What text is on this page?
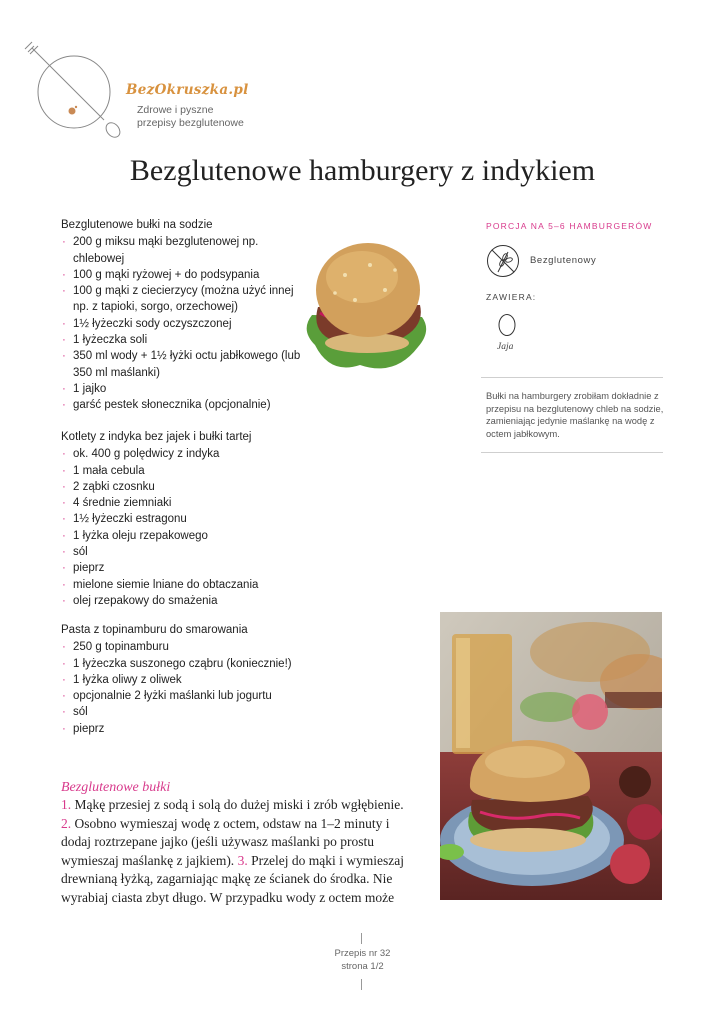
BezOkruszka.pl
Zdrowe i pyszne
przepisy bezglutenowe
Bezglutenowe hamburgery z indykiem
Bezglutenowe bułki na sodzie
· 200 g miksu mąki bezglutenowej np. chlebowej
· 100 g mąki ryżowej + do podsypania
· 100 g mąki z ciecierzycy (można użyć innej np. z tapioki, sorgo, orzechowej)
· 1½ łyżeczki sody oczyszczonej
· 1 łyżeczka soli
· 350 ml wody + 1½ łyżki octu jabłkowego (lub 350 ml maślanki)
· 1 jajko
· garść pestek słonecznika (opcjonalnie)
Kotlety z indyka bez jajek i bułki tartej
· ok. 400 g polędwicy z indyka
· 1 mała cebula
· 2 ząbki czosnku
· 4 średnie ziemniaki
· 1½ łyżeczki estragonu
· 1 łyżka oleju rzepakowego
· sól
· pieprz
· mielone siemie lniane do obtaczania
· olej rzepakowy do smażenia
Pasta z topinamburu do smarowania
· 250 g topinamburu
· 1 łyżeczka suszonego cząbru (koniecznie!)
· 1 łyżka oliwy z oliwek
· opcjonalnie 2 łyżki maślanki lub jogurtu
· sól
· pieprz
PORCJA NA 5–6 HAMBURGERÓW
Bezglutenowy
ZAWIERA:
Jaja
Bułki na hamburgery zrobiłam dokładnie z przepisu na bezglutenowy chleb na sodzie, zamieniając jedynie maślankę na wodę z octem jabłkowym.
Bezglutenowe bułki
1. Mąkę przesiej z sodą i solą do dużej miski i zrób wgłębienie. 2. Osobno wymieszaj wodę z octem, odstaw na 1–2 minuty i dodaj roztrzepane jajko (jeśli używasz maślanki po prostu wymieszaj maślankę z jajkiem). 3. Przelej do mąki i wymieszaj drewnianą łyżką, zagarniając mąkę ze ścianek do środka. Nie wyrabiaj ciasta zbyt długo. W przypadku wody z octem może
Przepis nr 32
strona 1/2
